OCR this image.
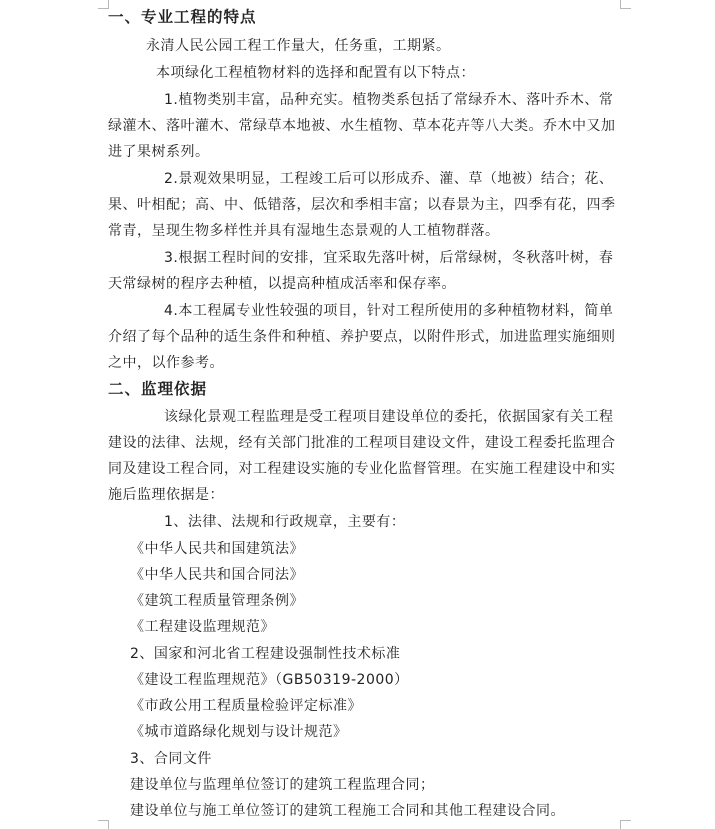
一、专业工程的特点
永清人民公园工程工作量大，任务重，工期紧。
本项绿化工程植物材料的选择和配置有以下特点：
1.植物类别丰富，品种充实。植物类系包括了常绿乔木、落叶乔木、常
绿灌木、落叶灌木、常绿草本地被、水生植物、草本花卉等八大类。乔木中又加
进了果树系列。
2.景观效果明显，工程竣工后可以形成乔、灌、草（地被）结合；花、
果、叶相配；高、中、低错落，层次和季相丰富；以春景为主，四季有花，四季
常青，呈现生物多样性并具有湿地生态景观的人工植物群落。
3.根据工程时间的安排，宜采取先落叶树，后常绿树，冬秋落叶树，春
天常绿树的程序去种植，以提高种植成活率和保存率。
4.本工程属专业性较强的项目，针对工程所使用的多种植物材料，简单
介绍了每个品种的适生条件和种植、养护要点，以附件形式，加进监理实施细则
之中，以作参考。
二、监理依据
该绿化景观工程监理是受工程项目建设单位的委托，依据国家有关工程
建设的法律、法规，经有关部门批准的工程项目建设文件，建设工程委托监理合
同及建设工程合同，对工程建设实施的专业化监督管理。在实施工程建设中和实
施后监理依据是：
1、法律、法规和行政规章，主要有：
《中华人民共和国建筑法》
《中华人民共和国合同法》
《建筑工程质量管理条例》
《工程建设监理规范》
2、国家和河北省工程建设强制性技术标准
《建设工程监理规范》（GB50319-2000）
《市政公用工程质量检验评定标准》
《城市道路绿化规划与设计规范》
3、合同文件
建设单位与监理单位签订的建筑工程监理合同；
建设单位与施工单位签订的建筑工程施工合同和其他工程建设合同。
